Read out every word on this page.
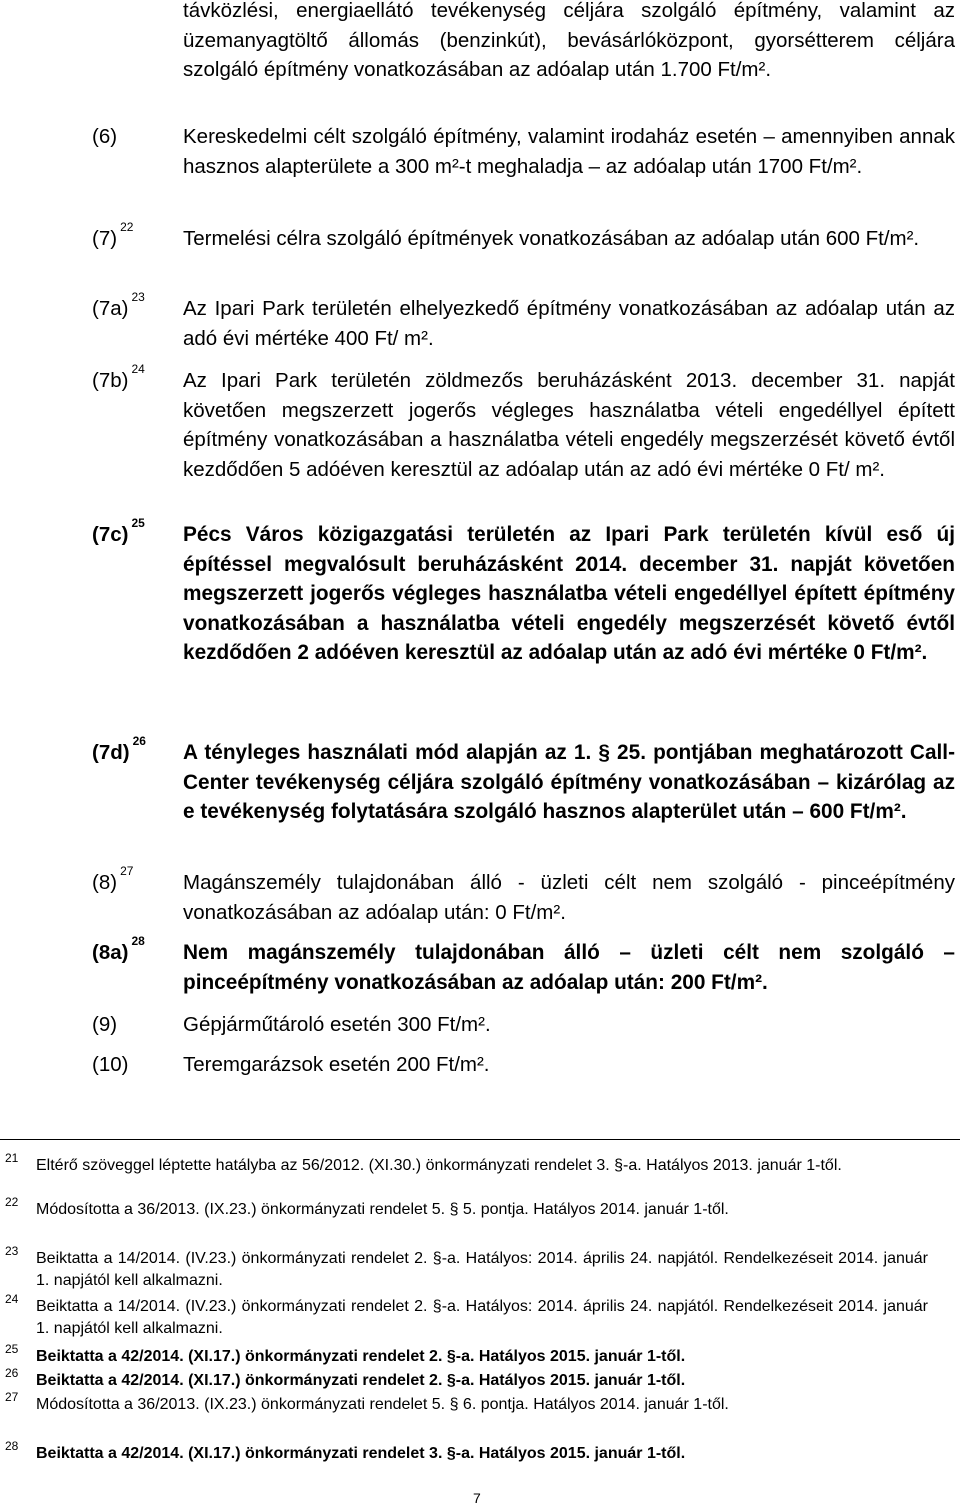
távközlési, energiaellátó tevékenység céljára szolgáló építmény, valamint az üzemanyagtöltő állomás (benzinkút), bevásárlóközpont, gyorsétterem céljára szolgáló építmény vonatkozásában az adóalap után 1.700 Ft/m².
(6)	Kereskedelmi célt szolgáló építmény, valamint irodaház esetén – amennyiben annak hasznos alapterülete a 300 m²-t meghaladja – az adóalap után 1700 Ft/m².
(7) $^{22}$ Termelési célra szolgáló építmények vonatkozásában az adóalap után 600 Ft/m².
(7a) $^{23}$ Az Ipari Park területén elhelyezkedő építmény vonatkozásában az adóalap után az adó évi mértéke 400 Ft/ m².
(7b) $^{24}$ Az Ipari Park területén zöldmezős beruházásként 2013. december 31. napját követően megszerzett jogerős végleges használatba vételi engedéllyel épített építmény vonatkozásában a használatba vételi engedély megszerzését követő évtől kezdődően 5 adóéven keresztül az adóalap után az adó évi mértéke 0 Ft/ m².
(7c) $^{25}$ Pécs Város közigazgatási területén az Ipari Park területén kívül eső új építéssel megvalósult beruházásként 2014. december 31. napját követően megszerzett jogerős végleges használatba vételi engedéllyel épített építmény vonatkozásában a használatba vételi engedély megszerzését követő évtől kezdődően 2 adóéven keresztül az adóalap után az adó évi mértéke 0 Ft/m².
(7d) $^{26}$ A tényleges használati mód alapján az 1. § 25. pontjában meghatározott Call-Center tevékenység céljára szolgáló építmény vonatkozásában – kizárólag az e tevékenység folytatására szolgáló hasznos alapterület után – 600 Ft/m².
(8) $^{27}$ Magánszemély tulajdonában álló - üzleti célt nem szolgáló - pinceépítmény vonatkozásában az adóalap után: 0 Ft/m².
(8a) $^{28}$ Nem magánszemély tulajdonában álló – üzleti célt nem szolgáló – pinceépítmény vonatkozásában az adóalap után: 200 Ft/m².
(9)	Gépjárműtároló esetén 300 Ft/m².
(10)	Teremgarázsok esetén 200 Ft/m².
21 Eltérő szöveggel léptette hatályba az 56/2012. (XI.30.) önkormányzati rendelet 3. §-a. Hatályos 2013. január 1-től.
22 Módosította a 36/2013. (IX.23.) önkormányzati rendelet 5. § 5. pontja. Hatályos 2014. január 1-től.
23 Beiktatta a 14/2014. (IV.23.) önkormányzati rendelet 2. §-a. Hatályos: 2014. április 24. napjától. Rendelkezéseit 2014. január 1. napjától kell alkalmazni.
24 Beiktatta a 14/2014. (IV.23.) önkormányzati rendelet 2. §-a. Hatályos: 2014. április 24. napjától. Rendelkezéseit 2014. január 1. napjától kell alkalmazni.
25 Beiktatta a 42/2014. (XI.17.) önkormányzati rendelet 2. §-a. Hatályos 2015. január 1-től.
26 Beiktatta a 42/2014. (XI.17.) önkormányzati rendelet 2. §-a. Hatályos 2015. január 1-től.
27 Módosította a 36/2013. (IX.23.) önkormányzati rendelet 5. § 6. pontja. Hatályos 2014. január 1-től.
28 Beiktatta a 42/2014. (XI.17.) önkormányzati rendelet 3. §-a. Hatályos 2015. január 1-től.
7
